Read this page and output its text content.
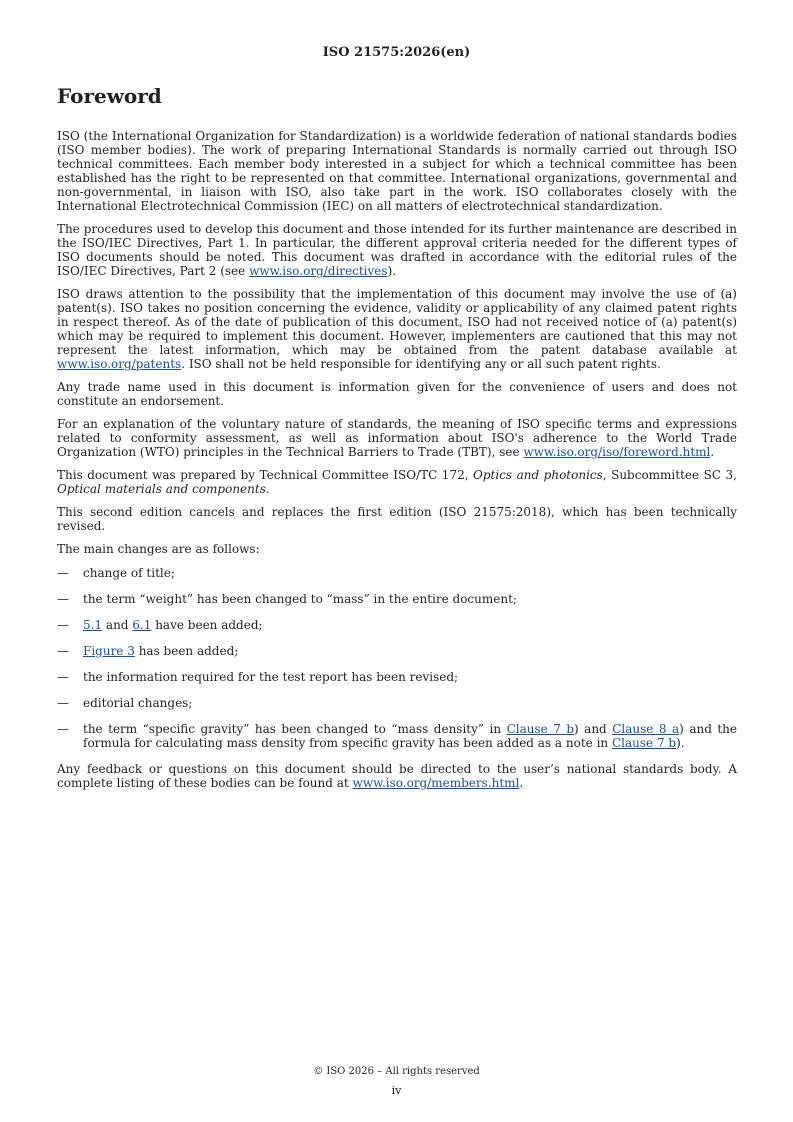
ISO 21575:2026(en)
Foreword

ISO (the International Organization for Standardization) is a worldwide federation of national standards bodies (ISO member bodies). The work of preparing International Standards is normally carried out through ISO technical committees. Each member body interested in a subject for which a technical committee has been established has the right to be represented on that committee. International organizations, governmental and non-governmental, in liaison with ISO, also take part in the work. ISO collaborates closely with the International Electrotechnical Commission (IEC) on all matters of electrotechnical standardization.

The procedures used to develop this document and those intended for its further maintenance are described in the ISO/IEC Directives, Part 1. In particular, the different approval criteria needed for the different types of ISO documents should be noted. This document was drafted in accordance with the editorial rules of the ISO/IEC Directives, Part 2 (see www.iso.org/directives).

ISO draws attention to the possibility that the implementation of this document may involve the use of (a) patent(s). ISO takes no position concerning the evidence, validity or applicability of any claimed patent rights in respect thereof. As of the date of publication of this document, ISO had not received notice of (a) patent(s) which may be required to implement this document. However, implementers are cautioned that this may not represent the latest information, which may be obtained from the patent database available at www.iso.org/patents. ISO shall not be held responsible for identifying any or all such patent rights.

Any trade name used in this document is information given for the convenience of users and does not constitute an endorsement.

For an explanation of the voluntary nature of standards, the meaning of ISO specific terms and expressions related to conformity assessment, as well as information about ISO's adherence to the World Trade Organization (WTO) principles in the Technical Barriers to Trade (TBT), see www.iso.org/iso/foreword.html.

This document was prepared by Technical Committee ISO/TC 172, Optics and photonics, Subcommittee SC 3, Optical materials and components.

This second edition cancels and replaces the first edition (ISO 21575:2018), which has been technically revised.

The main changes are as follows:

— change of title;
— the term “weight” has been changed to “mass” in the entire document;
— 5.1 and 6.1 have been added;
— Figure 3 has been added;
— the information required for the test report has been revised;
— editorial changes;
— the term “specific gravity” has been changed to “mass density” in Clause 7 b) and Clause 8 a) and the formula for calculating mass density from specific gravity has been added as a note in Clause 7 b).

Any feedback or questions on this document should be directed to the user’s national standards body. A complete listing of these bodies can be found at www.iso.org/members.html.

© ISO 2026 – All rights reserved
iv
